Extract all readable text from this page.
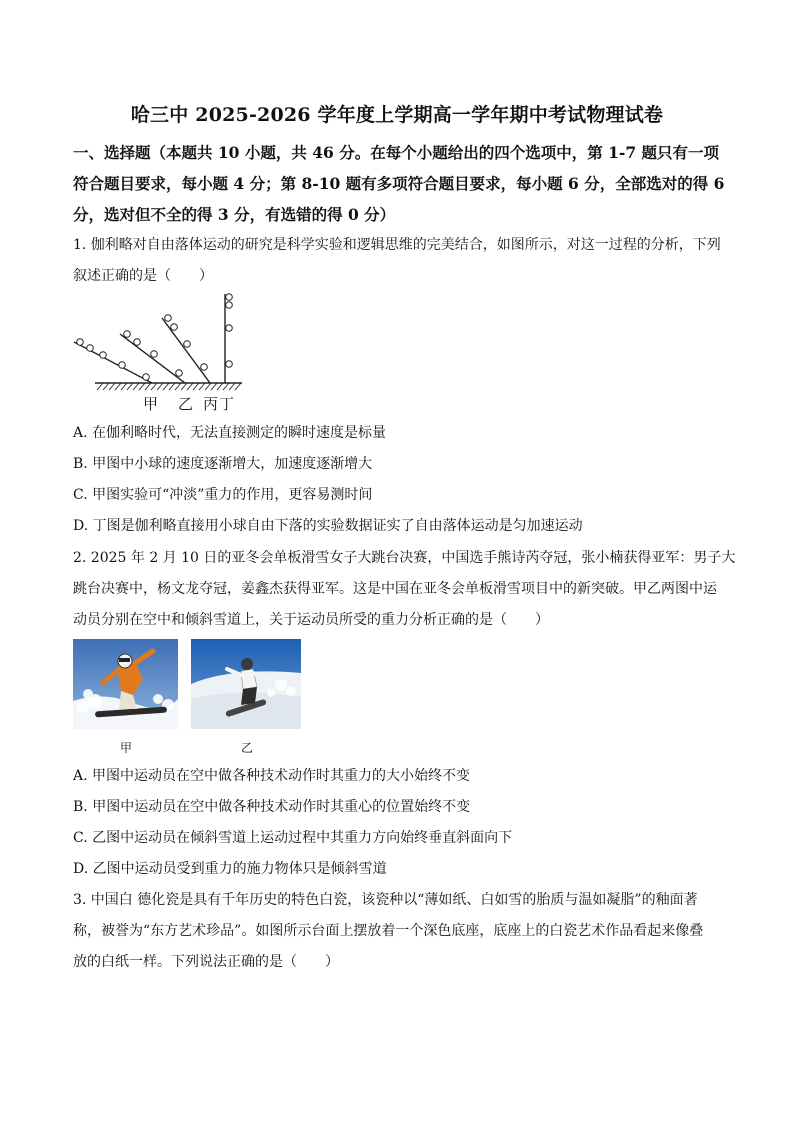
哈三中 2025-2026 学年度上学期高一学年期中考试物理试卷
一、选择题（本题共 10 小题，共 46 分。在每个小题给出的四个选项中，第 1-7 题只有一项
符合题目要求，每小题 4 分；第 8-10 题有多项符合题目要求，每小题 6 分，全部选对的得 6
分，选对但不全的得 3 分，有选错的得 0 分）
1. 伽利略对自由落体运动的研究是科学实验和逻辑思维的完美结合，如图所示，对这一过程的分析，下列
叙述正确的是（　　）
甲 乙 丙 丁
A. 在伽利略时代，无法直接测定的瞬时速度是标量
B. 甲图中小球的速度逐渐增大，加速度逐渐增大
C. 甲图实验可“冲淡”重力的作用，更容易测时间
D. 丁图是伽利略直接用小球自由下落的实验数据证实了自由落体运动是匀加速运动
2. 2025 年 2 月 10 日的亚冬会单板滑雪女子大跳台决赛，中国选手熊诗芮夺冠，张小楠获得亚军：男子大
跳台决赛中，杨文龙夺冠，姜鑫杰获得亚军。这是中国在亚冬会单板滑雪项目中的新突破。甲乙两图中运
动员分别在空中和倾斜雪道上，关于运动员所受的重力分析正确的是（　　）
甲	乙
A. 甲图中运动员在空中做各种技术动作时其重力的大小始终不变
B. 甲图中运动员在空中做各种技术动作时其重心的位置始终不变
C. 乙图中运动员在倾斜雪道上运动过程中其重力方向始终垂直斜面向下
D. 乙图中运动员受到重力的施力物体只是倾斜雪道
3. 中国白 德化瓷是具有千年历史的特色白瓷，该瓷种以“薄如纸、白如雪的胎质与温如凝脂”的釉面著
称，被誉为“东方艺术珍品”。如图所示台面上摆放着一个深色底座，底座上的白瓷艺术作品看起来像叠
放的白纸一样。下列说法正确的是（　　）
